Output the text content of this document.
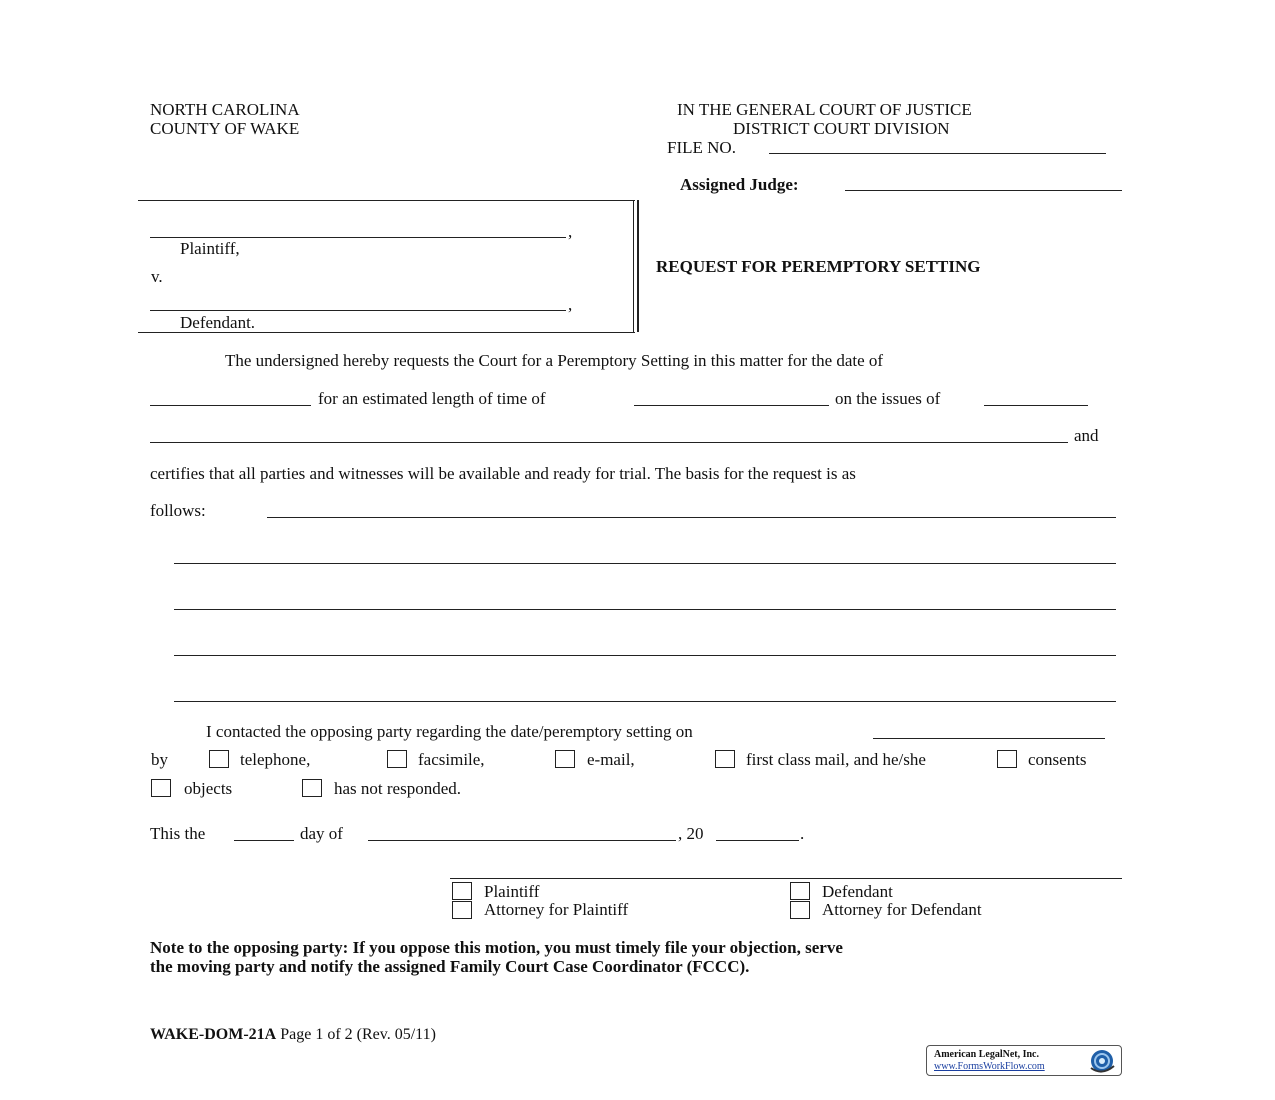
NORTH CAROLINA
COUNTY OF WAKE
IN THE GENERAL COURT OF JUSTICE
DISTRICT COURT DIVISION
FILE NO.
Assigned Judge:
,
Plaintiff,
v.
,
Defendant.
REQUEST FOR PEREMPTORY SETTING
The undersigned hereby requests the Court for a Peremptory Setting in this matter for the date of
for an estimated length of time of	on the issues of
and
certifies that all parties and witnesses will be available and ready for trial. The basis for the request is as
follows:
I contacted the opposing party regarding the date/peremptory setting on
by	telephone,	facsimile,	e-mail,	first class mail, and he/she	consents
objects	has not responded.
This the	day of	, 20	.
Plaintiff	Defendant
Attorney for Plaintiff	Attorney for Defendant
Note to the opposing party: If you oppose this motion, you must timely file your objection, serve
the moving party and notify the assigned Family Court Case Coordinator (FCCC).
WAKE-DOM-21A Page 1 of 2 (Rev. 05/11)
American LegalNet, Inc.
www.FormsWorkFlow.com
